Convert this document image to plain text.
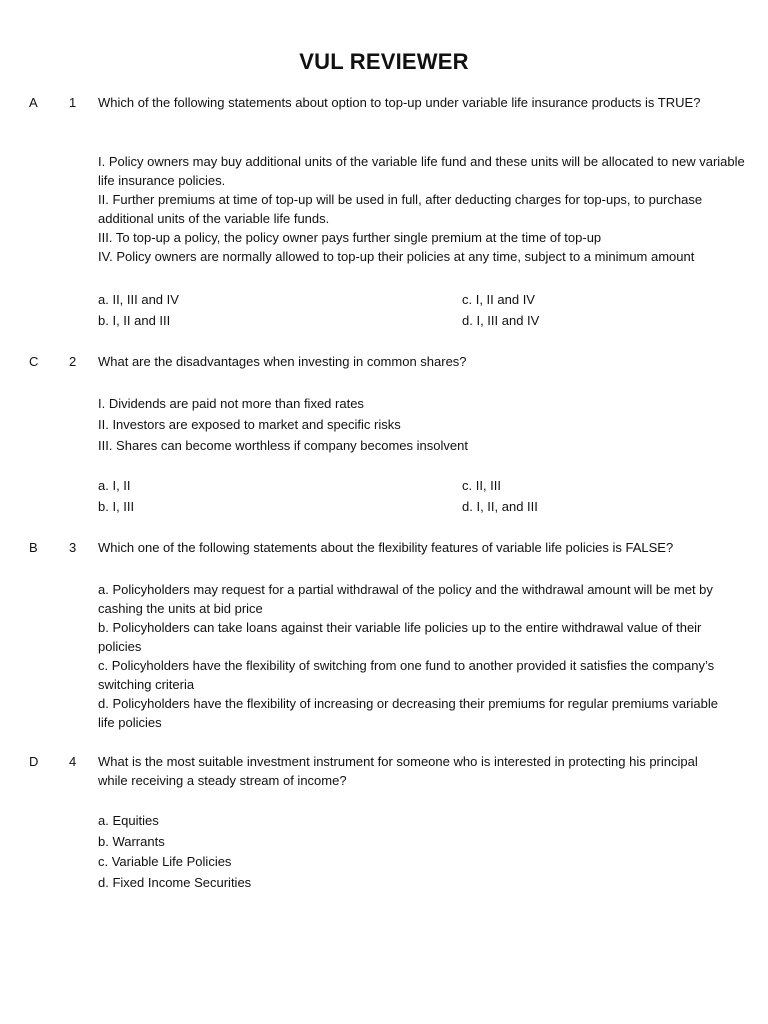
VUL REVIEWER
A 1 Which of the following statements about option to top-up under variable life insurance products is TRUE?
I. Policy owners may buy additional units of the variable life fund and these units will be allocated to new variable life insurance policies.
II. Further premiums at time of top-up will be used in full, after deducting charges for top-ups, to purchase additional units of the variable life funds.
III. To top-up a policy, the policy owner pays further single premium at the time of top-up
IV. Policy owners are normally allowed to top-up their policies at any time, subject to a minimum amount
a. II, III and IV	c. I, II and IV
b. I, II and III	d. I, III and IV
C 2 What are the disadvantages when investing in common shares?
I. Dividends are paid not more than fixed rates
II. Investors are exposed to market and specific risks
III. Shares can become worthless if company becomes insolvent
a. I, II	c. II, III
b. I, III	d. I, II, and III
B 3 Which one of the following statements about the flexibility features of variable life policies is FALSE?
a. Policyholders may request for a partial withdrawal of the policy and the withdrawal amount will be met by cashing the units at bid price
b. Policyholders can take loans against their variable life policies up to the entire withdrawal value of their policies
c. Policyholders have the flexibility of switching from one fund to another provided it satisfies the company’s switching criteria
d. Policyholders have the flexibility of increasing or decreasing their premiums for regular premiums variable life policies
D 4 What is the most suitable investment instrument for someone who is interested in protecting his principal while receiving a steady stream of income?
a. Equities
b. Warrants
c. Variable Life Policies
d. Fixed Income Securities
